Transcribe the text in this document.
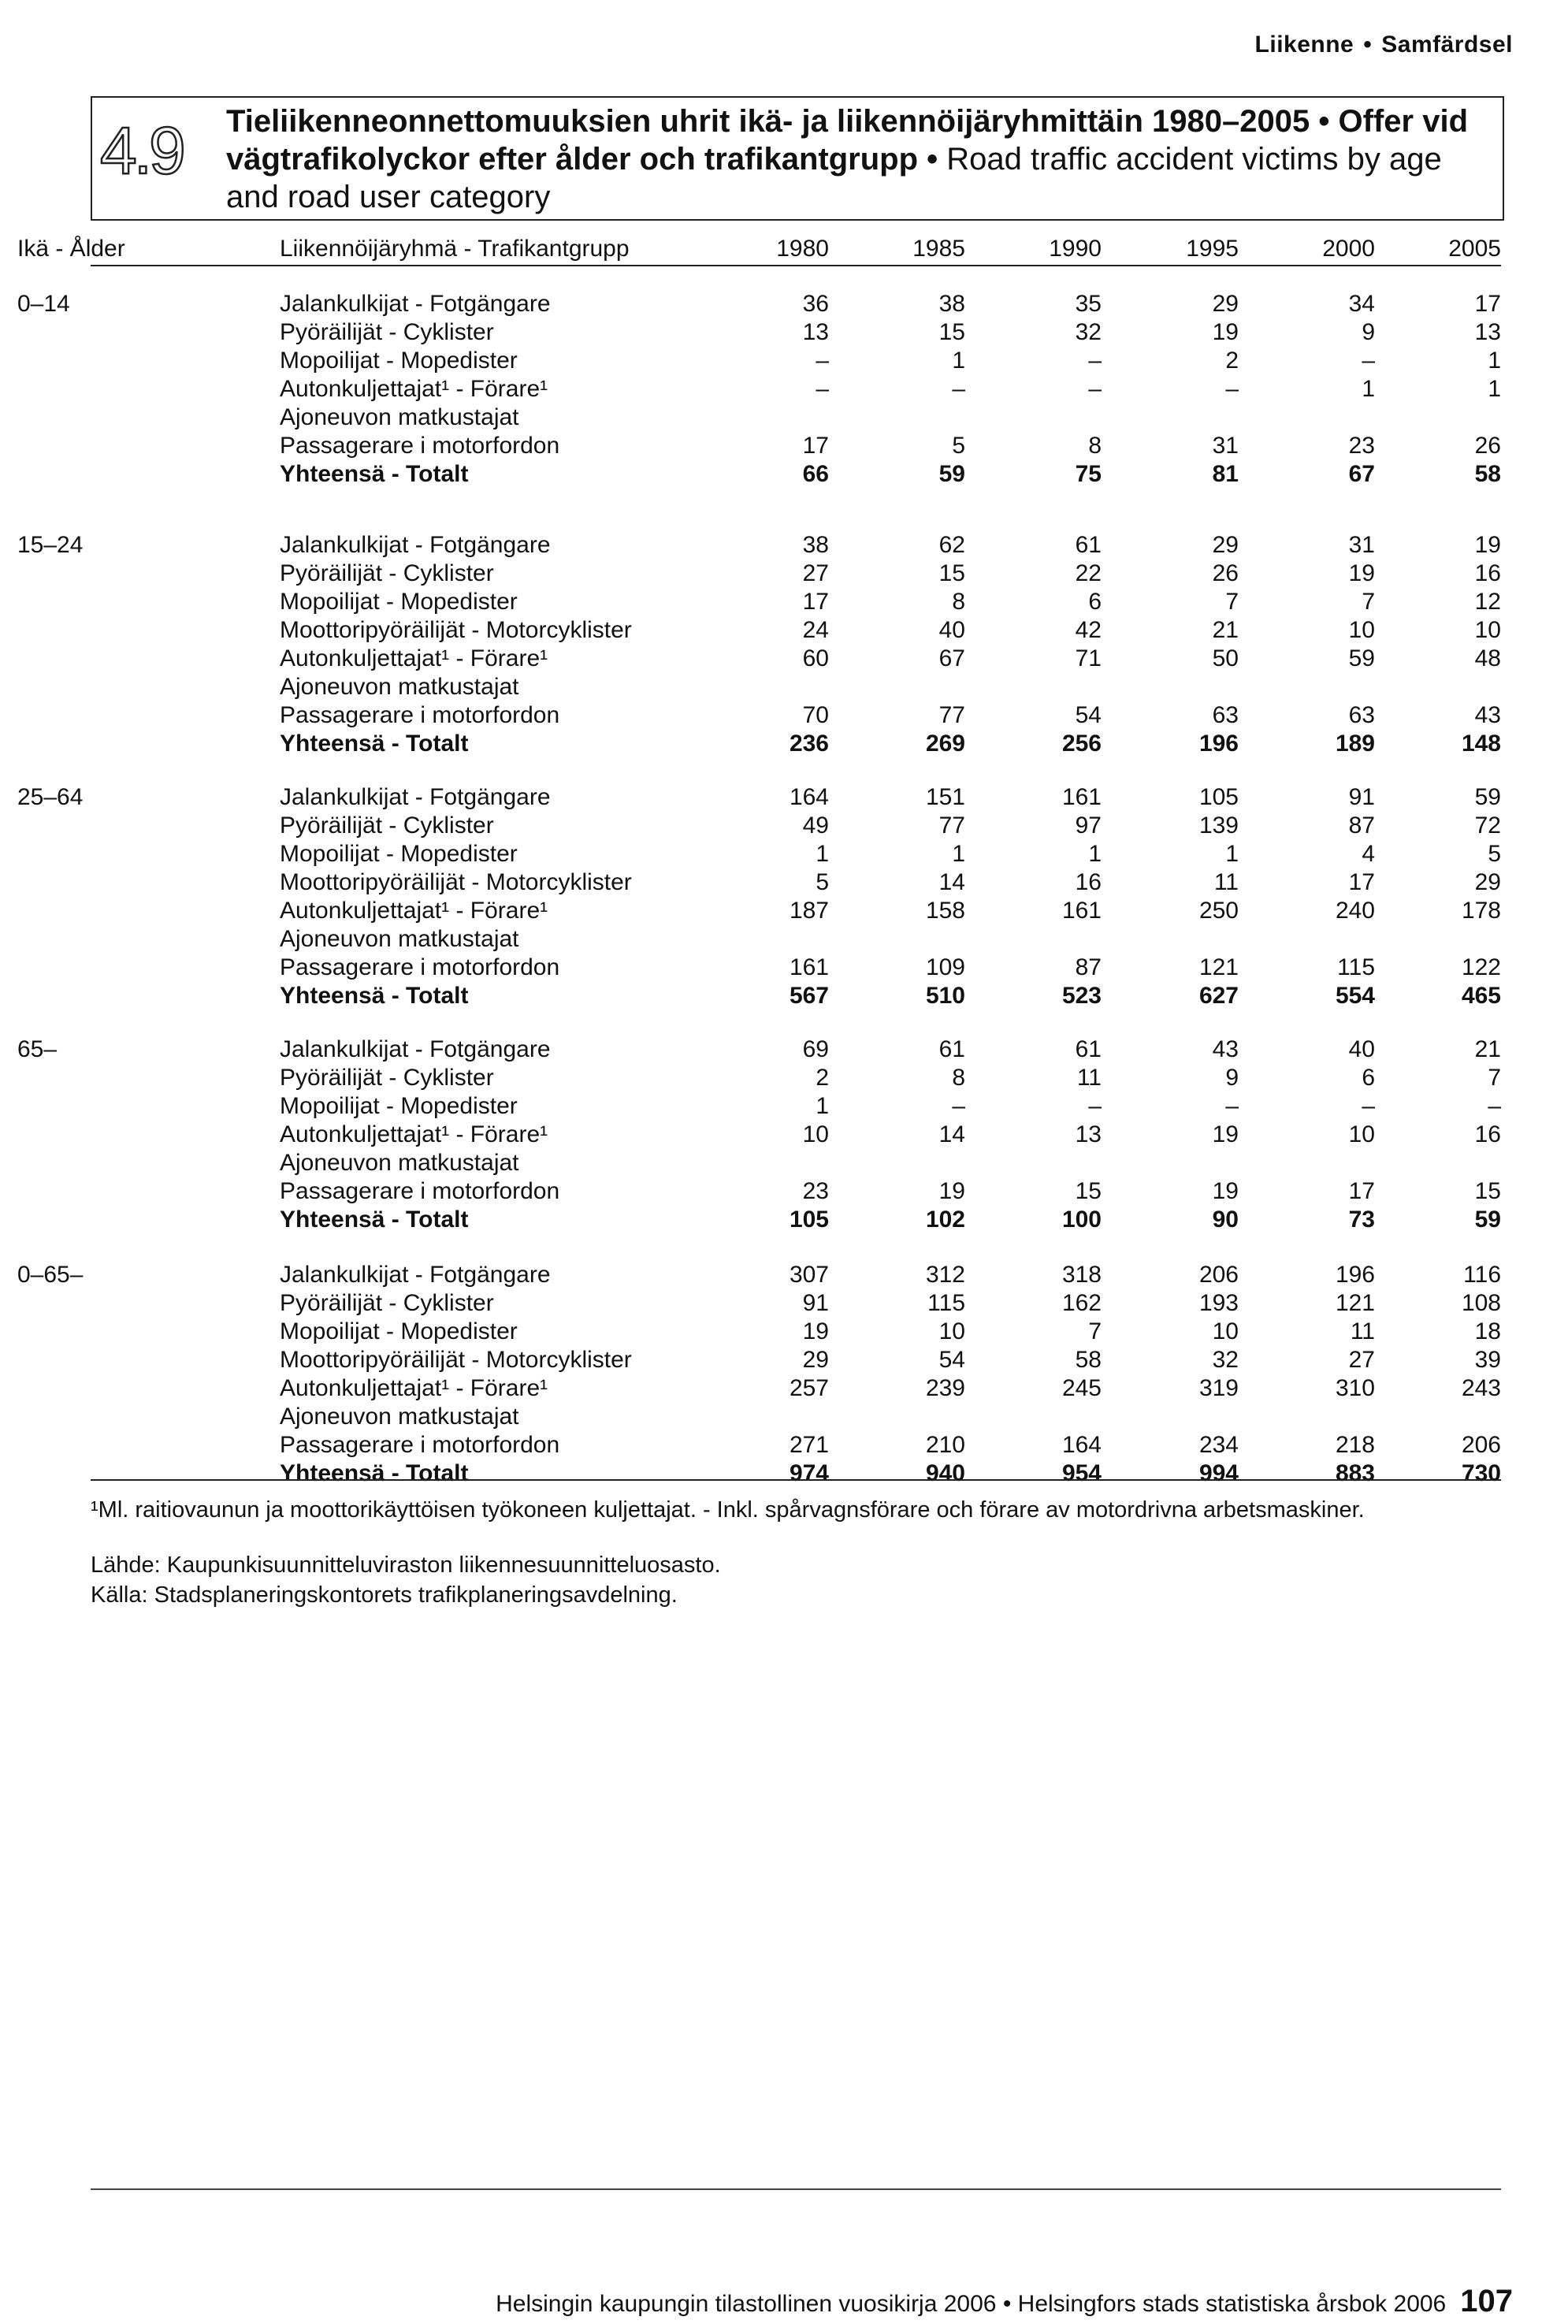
Liikenne • Samfärdsel
4.9 Tieliikenneonnettomuuksien uhrit ikä- ja liikennöijäryhmittäin 1980–2005 • Offer vid vägtrafikolyckor efter ålder och trafikantgrupp • Road traffic accident victims by age and road user category
Ikä - Ålder	Liikennöijäryhmä - Trafikantgrupp	1980	1985	1990	1995	2000	2005
0–14	Jalankulkijat - Fotgängare	36	38	35	29	34	17
Pyöräilijät - Cyklister	13	15	32	19	9	13
Mopoilijat - Mopedister	–	1	–	2	–	1
Autonkuljettajat¹ - Förare¹	–	–	–	–	1	1
Ajoneuvon matkustajat
Passagerare i motorfordon	17	5	8	31	23	26
Yhteensä - Totalt	66	59	75	81	67	58
15–24	Jalankulkijat - Fotgängare	38	62	61	29	31	19
Pyöräilijät - Cyklister	27	15	22	26	19	16
Mopoilijat - Mopedister	17	8	6	7	7	12
Moottoripyöräilijät - Motorcyklister	24	40	42	21	10	10
Autonkuljettajat¹ - Förare¹	60	67	71	50	59	48
Ajoneuvon matkustajat
Passagerare i motorfordon	70	77	54	63	63	43
Yhteensä - Totalt	236	269	256	196	189	148
25–64	Jalankulkijat - Fotgängare	164	151	161	105	91	59
Pyöräilijät - Cyklister	49	77	97	139	87	72
Mopoilijat - Mopedister	1	1	1	1	4	5
Moottoripyöräilijät - Motorcyklister	5	14	16	11	17	29
Autonkuljettajat¹ - Förare¹	187	158	161	250	240	178
Ajoneuvon matkustajat
Passagerare i motorfordon	161	109	87	121	115	122
Yhteensä - Totalt	567	510	523	627	554	465
65–	Jalankulkijat - Fotgängare	69	61	61	43	40	21
Pyöräilijät - Cyklister	2	8	11	9	6	7
Mopoilijat - Mopedister	1	–	–	–	–	–
Autonkuljettajat¹ - Förare¹	10	14	13	19	10	16
Ajoneuvon matkustajat
Passagerare i motorfordon	23	19	15	19	17	15
Yhteensä - Totalt	105	102	100	90	73	59
0–65–	Jalankulkijat - Fotgängare	307	312	318	206	196	116
Pyöräilijät - Cyklister	91	115	162	193	121	108
Mopoilijat - Mopedister	19	10	7	10	11	18
Moottoripyöräilijät - Motorcyklister	29	54	58	32	27	39
Autonkuljettajat¹ - Förare¹	257	239	245	319	310	243
Ajoneuvon matkustajat
Passagerare i motorfordon	271	210	164	234	218	206
Yhteensä - Totalt	974	940	954	994	883	730
¹Ml. raitiovaunun ja moottorikäyttöisen työkoneen kuljettajat. - Inkl. spårvagnsförare och förare av motordrivna arbetsmaskiner.
Lähde: Kaupunkisuunnitteluviraston liikennesuunnitteluosasto.
Källa: Stadsplaneringskontorets trafikplaneringsavdelning.
Helsingin kaupungin tilastollinen vuosikirja 2006 • Helsingfors stads statistiska årsbok 2006 107
